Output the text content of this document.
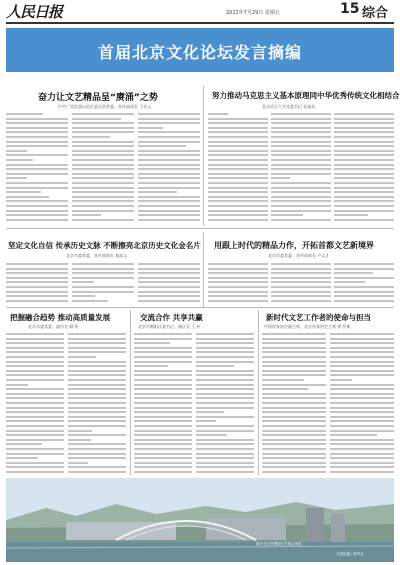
人民日报	2022年7月29日 星期五	15 综合
首届北京文化论坛发言摘编
奋力让文艺精品呈“赓涌”之势
中共广西壮族自治区委员会常委、宣传部部长 王宏元
努力推动马克思主义基本原理同中华优秀传统文化相结合
北京语言大学党委书记 张旭东
坚定文化自信 传承历史文脉 不断擦亮北京历史文化金名片
北京市委常委、宣传部部长 莫高义
用跟上时代的精品力作，开拓首都文艺新境界
北京市委常委、宣传部部长 卢文才
把握融合趋势 推动高质量发展
北京市委常委、副市长 顾 明
交流合作 共享共赢
北京市朝阳区委书记、副区长 王 朴
新时代文艺工作者的使命与担当
中国作家协会副主席、北京作家协会主席 徐 怀新
图为北京首钢园区冬奥会场馆。
王刚迅摄 / 新华社
